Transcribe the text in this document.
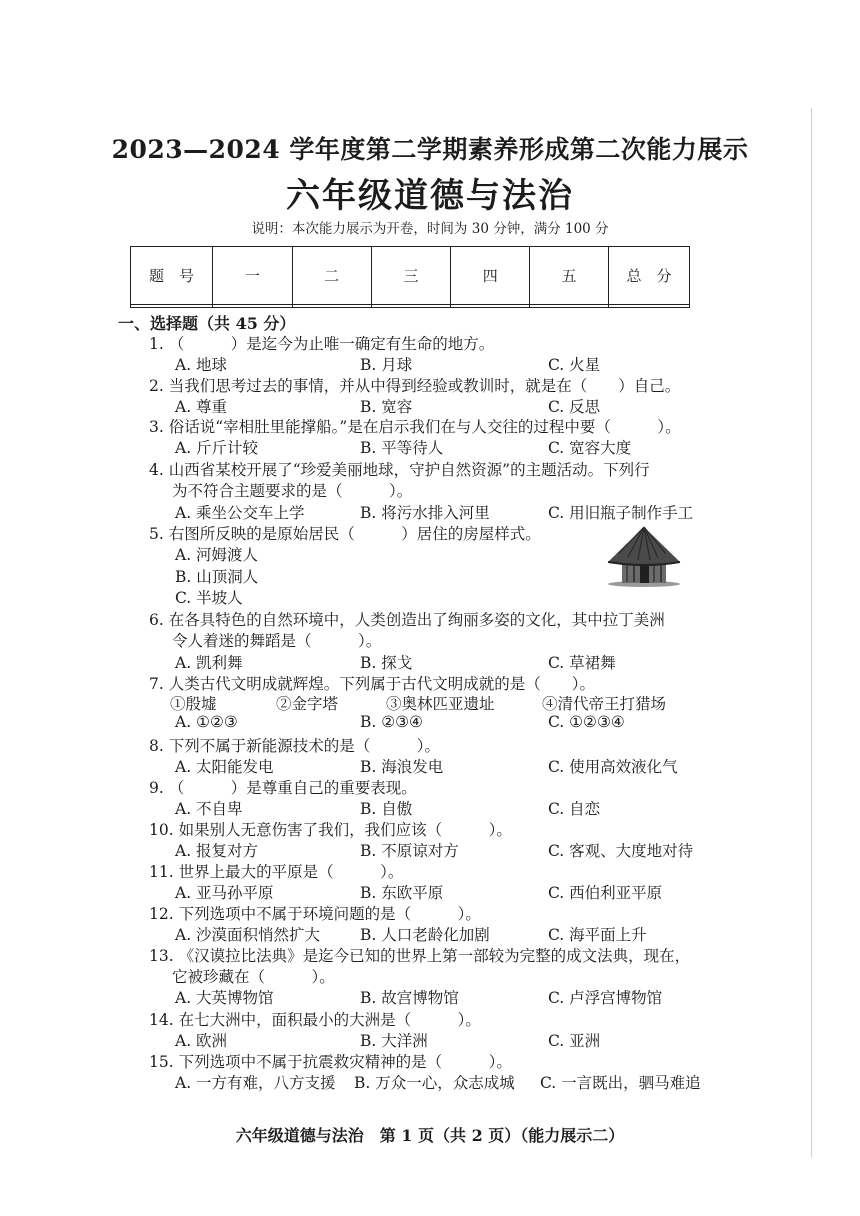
2023—2024 学年度第二学期素养形成第二次能力展示
六年级道德与法治
说明：本次能力展示为开卷，时间为 30 分钟，满分 100 分
题　号	一	二	三	四	五	总　分

一、选择题（共 45 分）
1. （　　　）是迄今为止唯一确定有生命的地方。
A. 地球	B. 月球	C. 火星
2. 当我们思考过去的事情，并从中得到经验或教训时，就是在（　　）自己。
A. 尊重	B. 宽容	C. 反思
3. 俗话说“宰相肚里能撑船。”是在启示我们在与人交往的过程中要（　　　）。
A. 斤斤计较	B. 平等待人	C. 宽容大度
4. 山西省某校开展了“珍爱美丽地球，守护自然资源”的主题活动。下列行
为不符合主题要求的是（　　　）。
A. 乘坐公交车上学	B. 将污水排入河里	C. 用旧瓶子制作手工
5. 右图所反映的是原始居民（　　　）居住的房屋样式。
A. 河姆渡人
B. 山顶洞人
C. 半坡人
6. 在各具特色的自然环境中，人类创造出了绚丽多姿的文化，其中拉丁美洲
令人着迷的舞蹈是（　　　）。
A. 凯利舞	B. 探戈	C. 草裙舞
7. 人类古代文明成就辉煌。下列属于古代文明成就的是（　　）。
①殷墟	②金字塔	③奥林匹亚遗址	④清代帝王打猎场
A. ①②③	B. ②③④	C. ①②③④
8. 下列不属于新能源技术的是（　　　）。
A. 太阳能发电	B. 海浪发电	C. 使用高效液化气
9. （　　　）是尊重自己的重要表现。
A. 不自卑	B. 自傲	C. 自恋
10. 如果别人无意伤害了我们，我们应该（　　　）。
A. 报复对方	B. 不原谅对方	C. 客观、大度地对待
11. 世界上最大的平原是（　　　）。
A. 亚马孙平原	B. 东欧平原	C. 西伯利亚平原
12. 下列选项中不属于环境问题的是（　　　）。
A. 沙漠面积悄然扩大	B. 人口老龄化加剧	C. 海平面上升
13. 《汉谟拉比法典》是迄今已知的世界上第一部较为完整的成文法典，现在，
它被珍藏在（　　　）。
A. 大英博物馆	B. 故宫博物馆	C. 卢浮宫博物馆
14. 在七大洲中，面积最小的大洲是（　　　）。
A. 欧洲	B. 大洋洲	C. 亚洲
15. 下列选项中不属于抗震救灾精神的是（　　　）。
A. 一方有难，八方支援 B. 万众一心，众志成城 C. 一言既出，驷马难追
六年级道德与法治　第 1 页（共 2 页）（能力展示二）
